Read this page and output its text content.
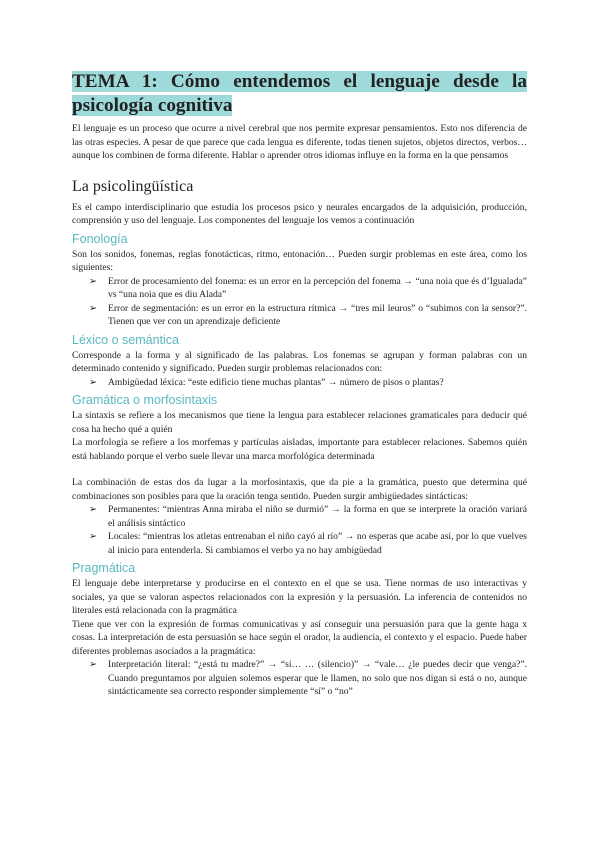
TEMA 1: Cómo entendemos el lenguaje desde la psicología cognitiva

El lenguaje es un proceso que ocurre a nivel cerebral que nos permite expresar pensamientos. Esto nos diferencia de las otras especies. A pesar de que parece que cada lengua es diferente, todas tienen sujetos, objetos directos, verbos… aunque los combinen de forma diferente. Hablar o aprender otros idiomas influye en la forma en la que pensamos

La psicolingüística

Es el campo interdisciplinario que estudia los procesos psico y neurales encargados de la adquisición, producción, comprensión y uso del lenguaje. Los componentes del lenguaje los vemos a continuación

Fonología

Son los sonidos, fonemas, reglas fonotácticas, ritmo, entonación… Pueden surgir problemas en este área, como los siguientes:

➢ Error de procesamiento del fonema: es un error en la percepción del fonema → “una noia que és d’Igualada” vs “una noia que es diu Alada”
➢ Error de segmentación: es un error en la estructura rítmica → “tres mil leuros” o “subimos con la sensor?”. Tienen que ver con un aprendizaje deficiente
Léxico o semántica

Corresponde a la forma y al significado de las palabras. Los fonemas se agrupan y forman palabras con un determinado contenido y significado. Pueden surgir problemas relacionados con:

➢ Ambigüedad léxica: “este edificio tiene muchas plantas” → número de pisos o plantas?
Gramática o morfosintaxis

La sintaxis se refiere a los mecanismos que tiene la lengua para establecer relaciones gramaticales para deducir qué cosa ha hecho qué a quién

La morfología se refiere a los morfemas y partículas aisladas, importante para establecer relaciones. Sabemos quién está hablando porque el verbo suele llevar una marca morfológica determinada

La combinación de estas dos da lugar a la morfosintaxis, que da pie a la gramática, puesto que determina qué combinaciones son posibles para que la oración tenga sentido. Pueden surgir ambigüedades sintácticas:

➢ Permanentes: “mientras Anna miraba el niño se durmió” → la forma en que se interprete la oración variará el análisis sintáctico
➢ Locales: “mientras los atletas entrenaban el niño cayó al río” → no esperas que acabe así, por lo que vuelves al inicio para entenderla. Si cambiamos el verbo ya no hay ambigüedad
Pragmática

El lenguaje debe interpretarse y producirse en el contexto en el que se usa. Tiene normas de uso interactivas y sociales, ya que se valoran aspectos relacionados con la expresión y la persuasión. La inferencia de contenidos no literales está relacionada con la pragmática

Tiene que ver con la expresión de formas comunicativas y así conseguir una persuasión para que la gente haga x cosas. La interpretación de esta persuasión se hace según el orador, la audiencia, el contexto y el espacio. Puede haber diferentes problemas asociados a la pragmática:

➢ Interpretación literal: “¿está tu madre?” → “sí… … (silencio)” → “vale… ¿le puedes decir que venga?”. Cuando preguntamos por alguien solemos esperar que le llamen, no solo que nos digan si está o no, aunque sintácticamente sea correcto responder simplemente “sí” o “no”
